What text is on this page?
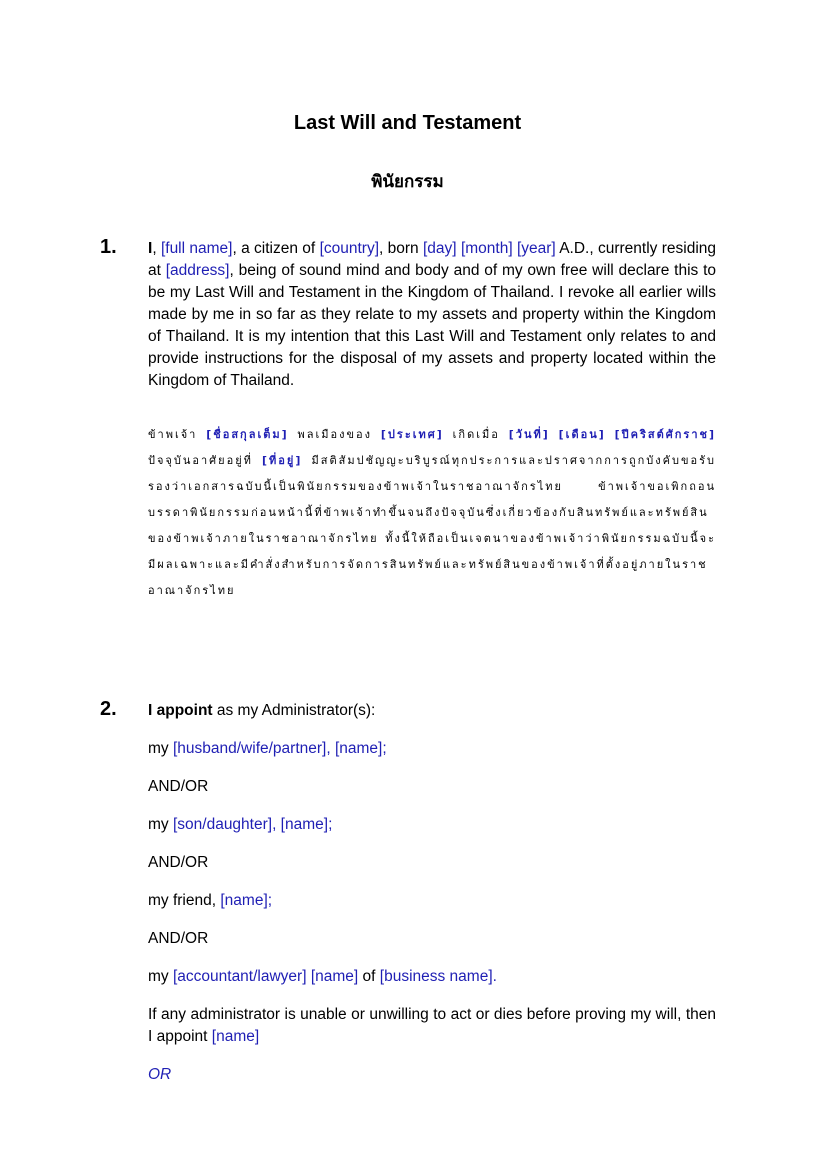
Last Will and Testament
พินัยกรรม
1. I, [full name], a citizen of [country], born [day] [month] [year] A.D., currently residing at [address], being of sound mind and body and of my own free will declare this to be my Last Will and Testament in the Kingdom of Thailand. I revoke all earlier wills made by me in so far as they relate to my assets and property within the Kingdom of Thailand. It is my intention that this Last Will and Testament only relates to and provide instructions for the disposal of my assets and property located within the Kingdom of Thailand.
ข้าพเจ้า [ชื่อสกุลเต็ม] พลเมืองของ [ประเทศ] เกิดเมื่อ [วันที่] [เดือน] [ปีคริสต์ศักราช] ปัจจุบันอาศัยอยู่ที่ [ที่อยู่] มีสติสัมปชัญญะบริบูรณ์ทุกประการและปราศจากการถูกบังคับขอรับรองว่าเอกสารฉบับนี้เป็นพินัยกรรมของข้าพเจ้าในราชอาณาจักรไทย ข้าพเจ้าขอเพิกถอนบรรดาพินัยกรรมก่อนหน้านี้ที่ข้าพเจ้าทำขึ้นจนถึงปัจจุบันซึ่งเกี่ยวข้องกับสินทรัพย์และทรัพย์สินของข้าพเจ้าภายในราชอาณาจักรไทย ทั้งนี้ให้ถือเป็นเจตนาของข้าพเจ้าว่าพินัยกรรมฉบับนี้จะมีผลเฉพาะและมีคำสั่งสำหรับการจัดการสินทรัพย์และทรัพย์สินของข้าพเจ้าที่ตั้งอยู่ภายในราชอาณาจักรไทย
2. I appoint as my Administrator(s):
my [husband/wife/partner], [name];
AND/OR
my [son/daughter], [name];
AND/OR
my friend, [name];
AND/OR
my [accountant/lawyer] [name] of [business name].
If any administrator is unable or unwilling to act or dies before proving my will, then I appoint [name]
OR
